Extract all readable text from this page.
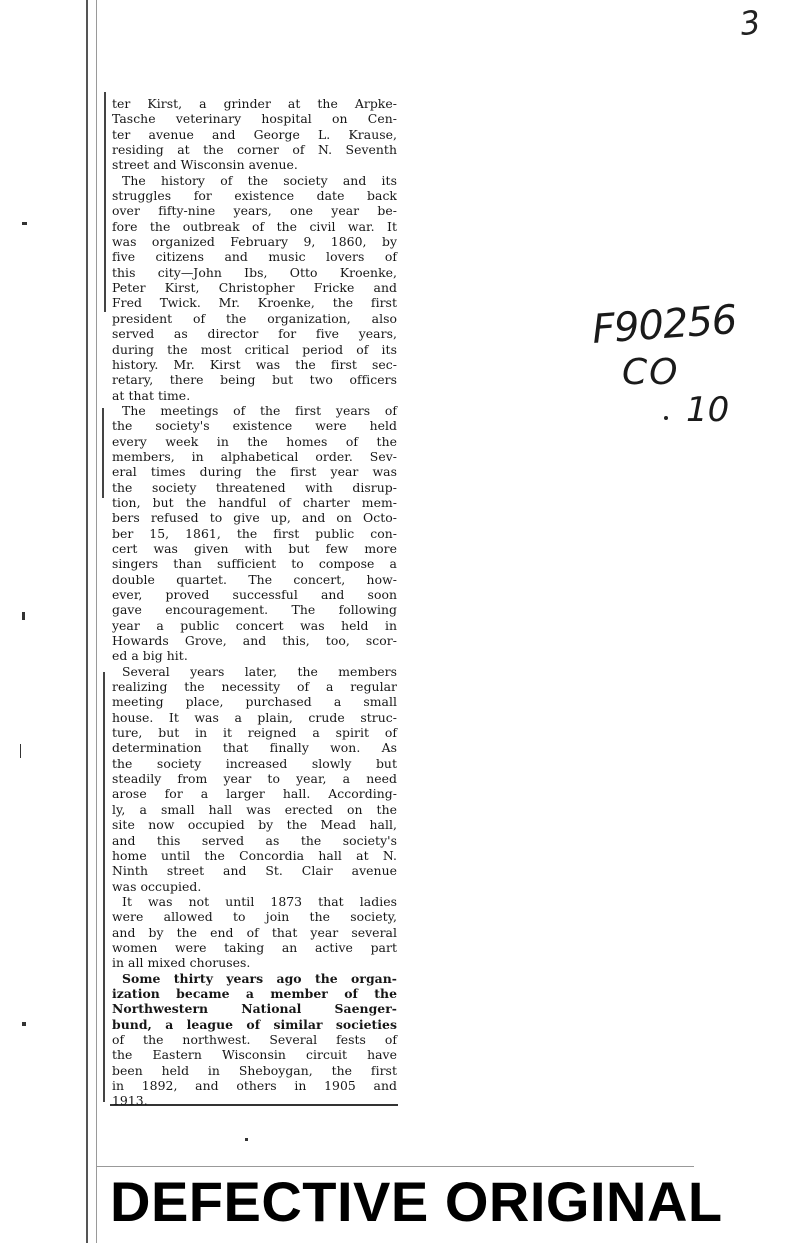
3
ter Kirst, a grinder at the Arpke-
Tasche veterinary hospital on Cen-
ter avenue and George L. Krause,
residing at the corner of N. Seventh
street and Wisconsin avenue.
The history of the society and its
struggles for existence date back
over fifty-nine years, one year be-
fore the outbreak of the civil war. It
was organized February 9, 1860, by
five citizens and music lovers of
this city—John Ibs, Otto Kroenke,
Peter Kirst, Christopher Fricke and
Fred Twick. Mr. Kroenke, the first
president of the organization, also
served as director for five years,
during the most critical period of its
history. Mr. Kirst was the first sec-
retary, there being but two officers
at that time.
The meetings of the first years of
the society's existence were held
every week in the homes of the
members, in alphabetical order. Sev-
eral times during the first year was
the society threatened with disrup-
tion, but the handful of charter mem-
bers refused to give up, and on Octo-
ber 15, 1861, the first public con-
cert was given with but few more
singers than sufficient to compose a
double quartet. The concert, how-
ever, proved successful and soon
gave encouragement. The following
year a public concert was held in
Howards Grove, and this, too, scor-
ed a big hit.
Several years later, the members
realizing the necessity of a regular
meeting place, purchased a small
house. It was a plain, crude struc-
ture, but in it reigned a spirit of
determination that finally won. As
the society increased slowly but
steadily from year to year, a need
arose for a larger hall. According-
ly, a small hall was erected on the
site now occupied by the Mead hall,
and this served as the society's
home until the Concordia hall at N.
Ninth street and St. Clair avenue
was occupied.
It was not until 1873 that ladies
were allowed to join the society,
and by the end of that year several
women were taking an active part
in all mixed choruses.
Some thirty years ago the organ-
ization became a member of the
Northwestern National Saenger-
bund, a league of similar societies
of the northwest. Several fests of
the Eastern Wisconsin circuit have
been held in Sheboygan, the first
in 1892, and others in 1905 and
1913.
F90256
CO
10
DEFECTIVE ORIGINAL
